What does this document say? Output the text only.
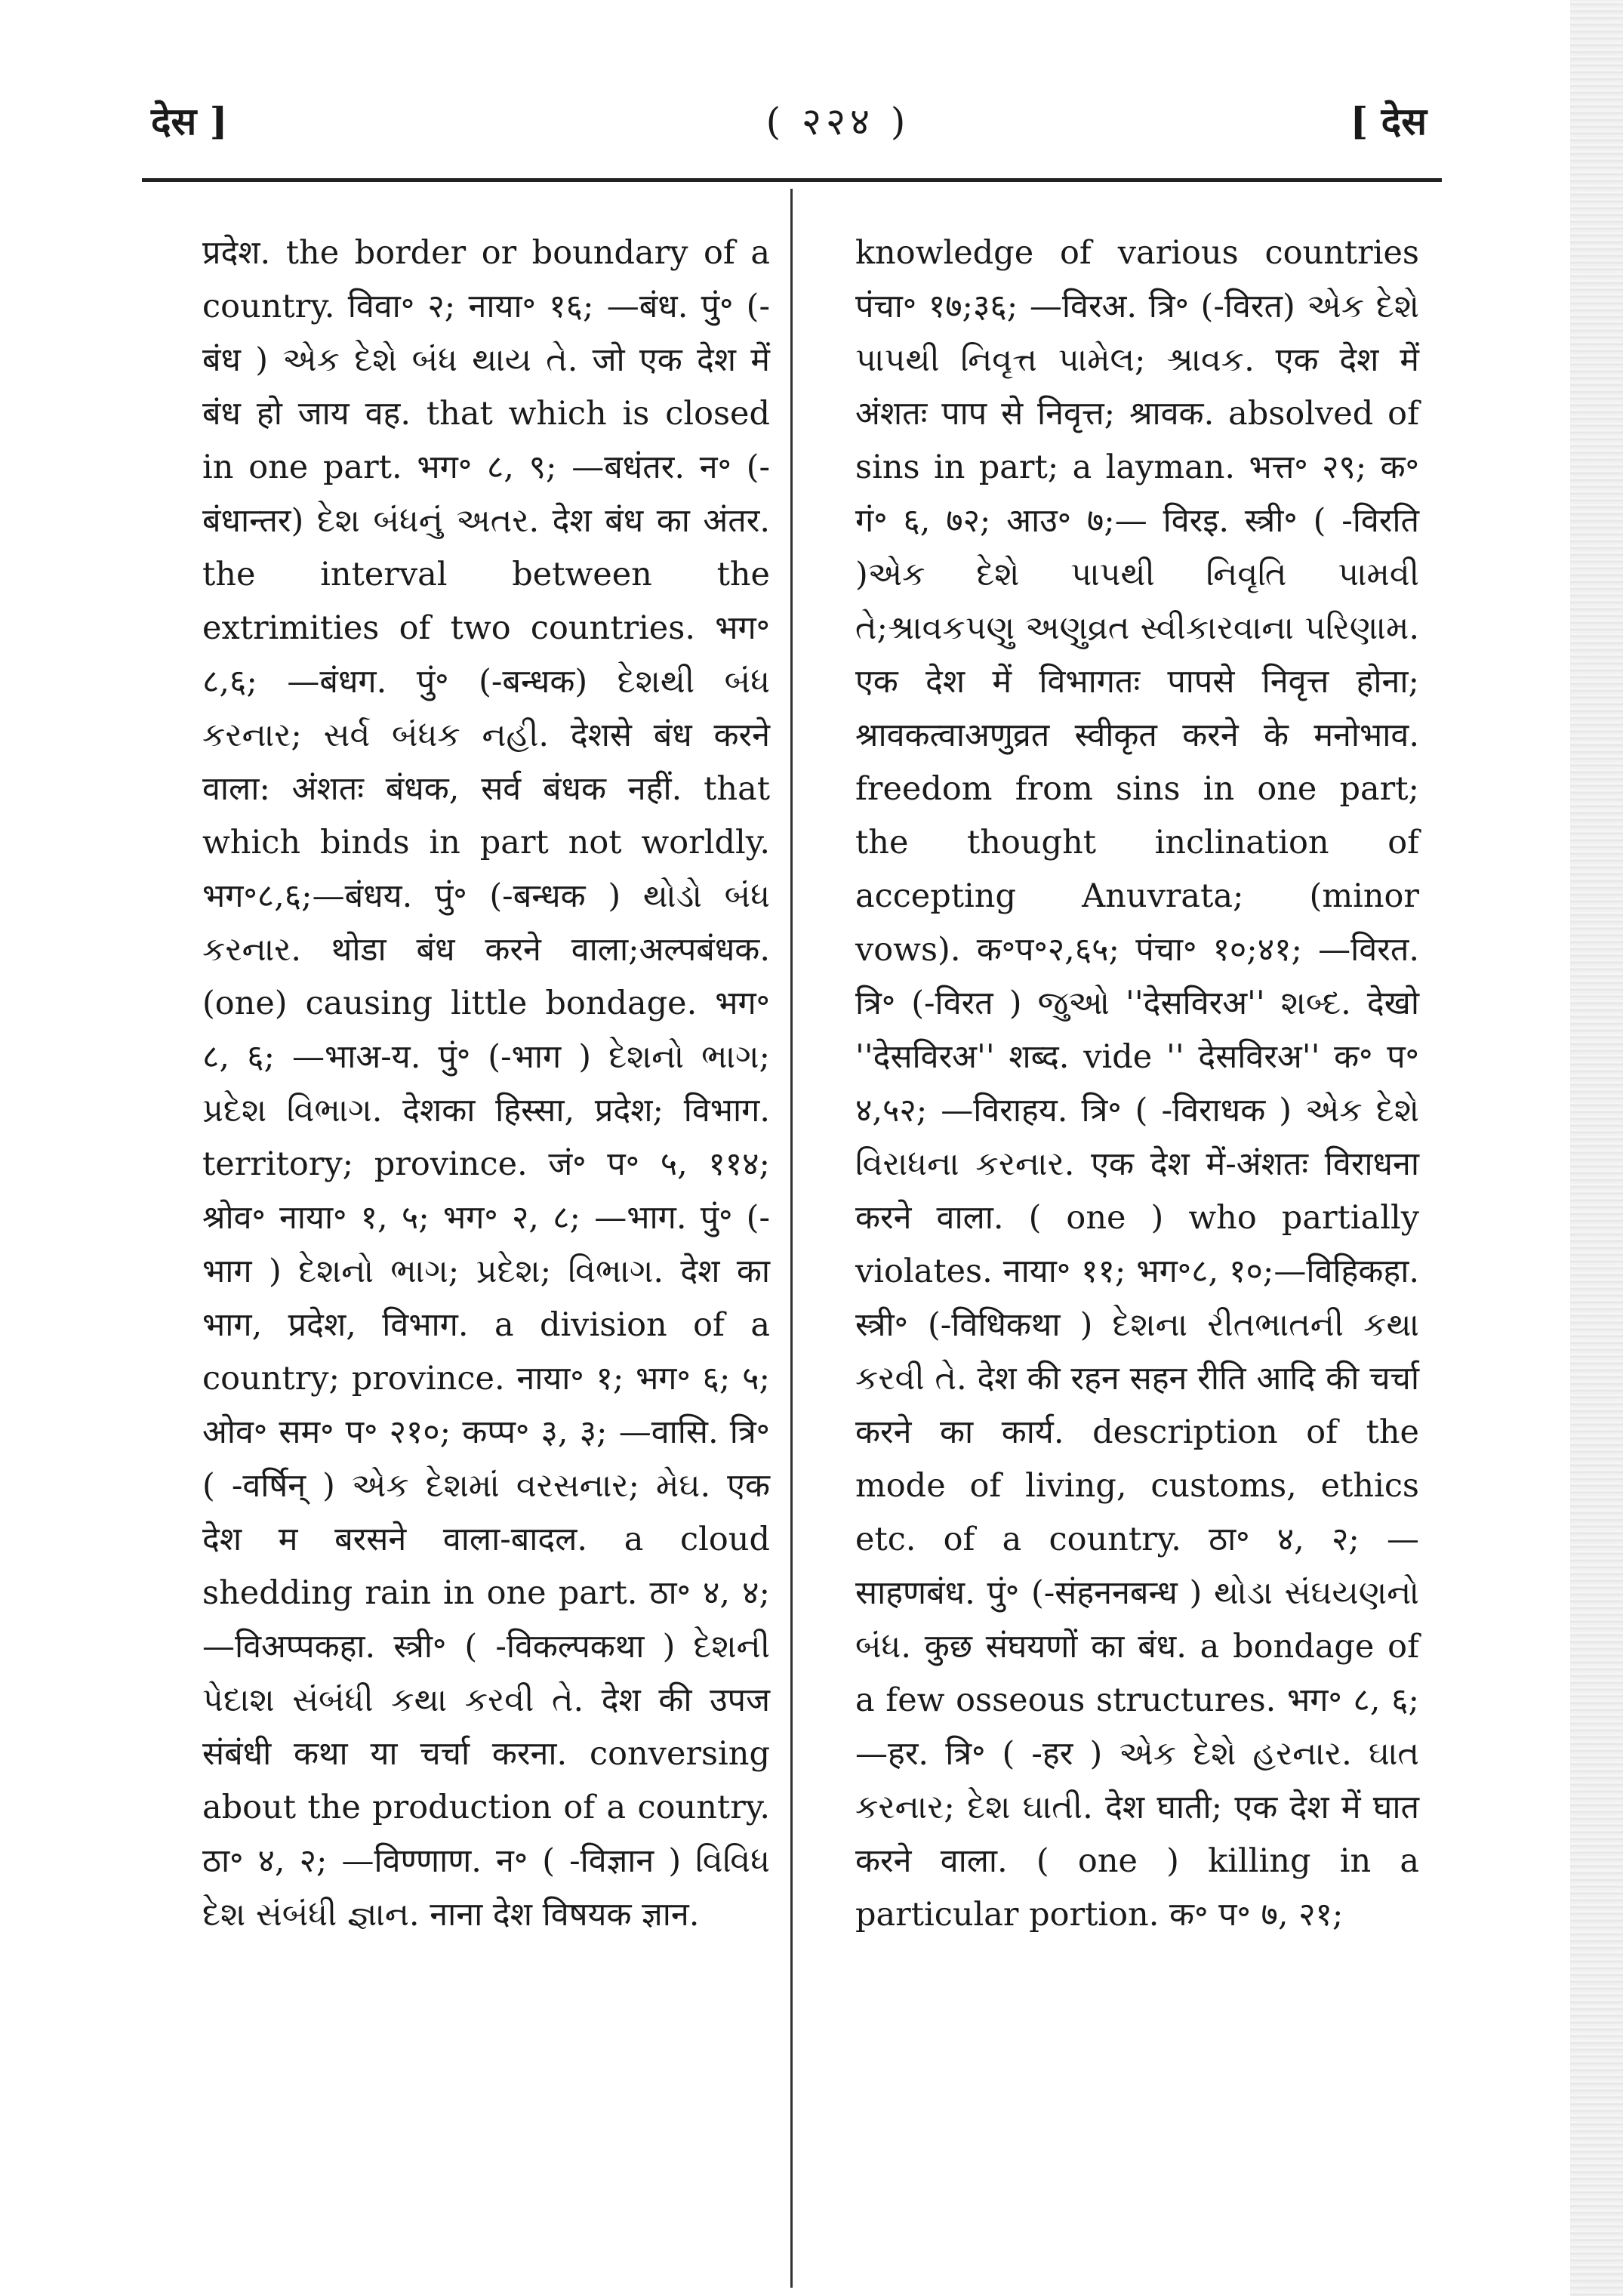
देस ]	( २२४ )	[ देस

प्रदेश. the border or boundary of a country. विवा॰ २; नाया॰ १६; —बंध. पुं॰ (-बंध ) એક દેશે બંધ થાય તે. जो एक देश में बंध हो जाय वह. that which is closed in one part. भग॰ ८, ९; —बधंतर. न॰ (-बंधान्तर) દેશ બંધનું અતર. देश बंध का अंतर. the interval between the extrimities of two countries. भग॰ ८,६; —बंधग. पुं॰ (-बन्धक) દેશથી બંધ કરનાર; સર્વ બંધક નહી. देशसे बंध करने वाला: अंशतः बंधक, सर्व बंधक नहीं. that which binds in part not worldly. भग॰८,६;—बंधय. पुं॰ (-बन्धक ) થોડો બંધ કરનાર. थोडा बंध करने वाला;अल्पबंधक. (one) causing little bondage. भग॰ ८, ६; —भाअ-य. पुं॰ (-भाग ) દેશનો ભાગ; પ્રદેશ વિભાગ. देशका हिस्सा, प्रदेश; विभाग. territory; province. जं॰ प॰ ५, ११४; श्रोव॰ नाया॰ १, ५; भग॰ २, ८; —भाग. पुं॰ (-भाग ) દેશનો ભાગ; પ્રદેશ; વિભાગ. देश का भाग, प्रदेश, विभाग. a division of a country; province. नाया॰ १; भग॰ ६; ५; ओव॰ सम॰ प॰ २१०; कप्प॰ ३, ३; —वासि. त्रि॰ ( -वर्षिन् ) એક દેશમાં વરસનાર; મેઘ. एक देश म बरसने वाला-बादल. a cloud shedding rain in one part. ठा॰ ४, ४; —विअप्पकहा. स्त्री॰ ( -विकल्पकथा ) દેશની પેદાશ સંબંધી કથા કરવી તે. देश की उपज संबंधी कथा या चर्चा करना. conversing about the production of a country. ठा॰ ४, २; —विण्णाण. न॰ ( -विज्ञान ) વિવિધ દેશ સંબંધી જ્ઞાન. नाना देश विषयक ज्ञान.

knowledge of various countries पंचा॰ १७;३६; —विरअ. त्रि॰ (-विरत) એક દેશે પાપથી નિવૃત્ત પામેલ; શ્રાવક. एक देश में अंशतः पाप से निवृत्त; श्रावक. absolved of sins in part; a layman. भत्त॰ २९; क॰ गं॰ ६, ७२; आउ॰ ७;— विरइ. स्त्री॰ ( -विरति )એક દેશે પાપથી નિવૃતિ પામવી તે;શ્રાવકપણુ અણુવ્રત સ્વીકારવાના પરિણામ. एक देश में विभागतः पापसे निवृत्त होना; श्रावकत्वाअणुव्रत स्वीकृत करने के मनोभाव. freedom from sins in one part; the thought inclination of accepting Anuvrata; (minor vows). क॰प॰२,६५; पंचा॰ १०;४१; —विरत. त्रि॰ (-विरत ) જુઓ ''देसविरअ'' શબ્દ. देखो ''देसविरअ'' शब्द. vide '' देसविरअ'' क॰ प॰ ४,५२; —विराहय. त्रि॰ ( -विराधक ) એક દેશે વિરાધના કરનાર. एक देश में-अंशतः विराधना करने वाला. ( one ) who partially violates. नाया॰ ११; भग॰८, १०;—विहिकहा. स्त्री॰ (-विधिकथा ) દેશના રીતભાતની કથા કરવી તે. देश की रहन सहन रीति आदि की चर्चा करने का कार्य. description of the mode of living, customs, ethics etc. of a country. ठा॰ ४, २; —साहणबंध. पुं॰ (-संहननबन्ध ) થોડા સંઘયણનો બંધ. कुछ संघयणों का बंध. a bondage of a few osseous structures. भग॰ ८, ६; —हर. त्रि॰ ( -हर ) એક દેશે હરનાર. ઘાત કરનાર; દેશ ઘાતી. देश घाती; एक देश में घात करने वाला. ( one ) killing in a particular portion. क॰ प॰ ७, २१;
